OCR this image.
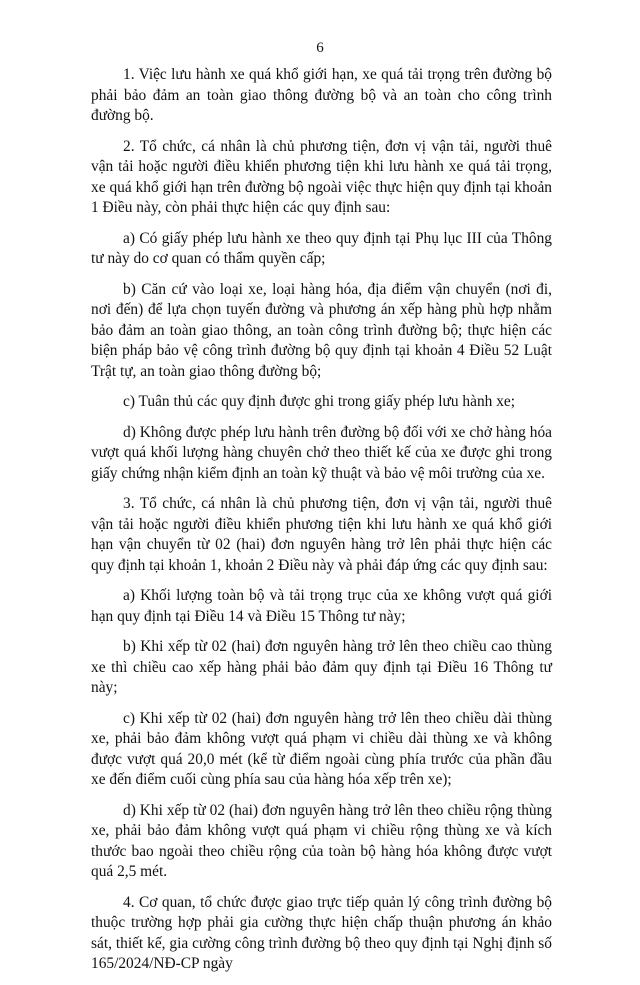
6

1. Việc lưu hành xe quá khổ giới hạn, xe quá tải trọng trên đường bộ phải bảo đảm an toàn giao thông đường bộ và an toàn cho công trình đường bộ.

2. Tổ chức, cá nhân là chủ phương tiện, đơn vị vận tải, người thuê vận tải hoặc người điều khiển phương tiện khi lưu hành xe quá tải trọng, xe quá khổ giới hạn trên đường bộ ngoài việc thực hiện quy định tại khoản 1 Điều này, còn phải thực hiện các quy định sau:

a) Có giấy phép lưu hành xe theo quy định tại Phụ lục III của Thông tư này do cơ quan có thẩm quyền cấp;

b) Căn cứ vào loại xe, loại hàng hóa, địa điểm vận chuyển (nơi đi, nơi đến) để lựa chọn tuyến đường và phương án xếp hàng phù hợp nhằm bảo đảm an toàn giao thông, an toàn công trình đường bộ; thực hiện các biện pháp bảo vệ công trình đường bộ quy định tại khoản 4 Điều 52 Luật Trật tự, an toàn giao thông đường bộ;

c) Tuân thủ các quy định được ghi trong giấy phép lưu hành xe;

d) Không được phép lưu hành trên đường bộ đối với xe chở hàng hóa vượt quá khối lượng hàng chuyên chở theo thiết kế của xe được ghi trong giấy chứng nhận kiểm định an toàn kỹ thuật và bảo vệ môi trường của xe.

3. Tổ chức, cá nhân là chủ phương tiện, đơn vị vận tải, người thuê vận tải hoặc người điều khiển phương tiện khi lưu hành xe quá khổ giới hạn vận chuyển từ 02 (hai) đơn nguyên hàng trở lên phải thực hiện các quy định tại khoản 1, khoản 2 Điều này và phải đáp ứng các quy định sau:

a) Khối lượng toàn bộ và tải trọng trục của xe không vượt quá giới hạn quy định tại Điều 14 và Điều 15 Thông tư này;

b) Khi xếp từ 02 (hai) đơn nguyên hàng trở lên theo chiều cao thùng xe thì chiều cao xếp hàng phải bảo đảm quy định tại Điều 16 Thông tư này;

c) Khi xếp từ 02 (hai) đơn nguyên hàng trở lên theo chiều dài thùng xe, phải bảo đảm không vượt quá phạm vi chiều dài thùng xe và không được vượt quá 20,0 mét (kể từ điểm ngoài cùng phía trước của phần đầu xe đến điểm cuối cùng phía sau của hàng hóa xếp trên xe);

d) Khi xếp từ 02 (hai) đơn nguyên hàng trở lên theo chiều rộng thùng xe, phải bảo đảm không vượt quá phạm vi chiều rộng thùng xe và kích thước bao ngoài theo chiều rộng của toàn bộ hàng hóa không được vượt quá 2,5 mét.

4. Cơ quan, tổ chức được giao trực tiếp quản lý công trình đường bộ thuộc trường hợp phải gia cường thực hiện chấp thuận phương án khảo sát, thiết kế, gia cường công trình đường bộ theo quy định tại Nghị định số 165/2024/NĐ-CP ngày
